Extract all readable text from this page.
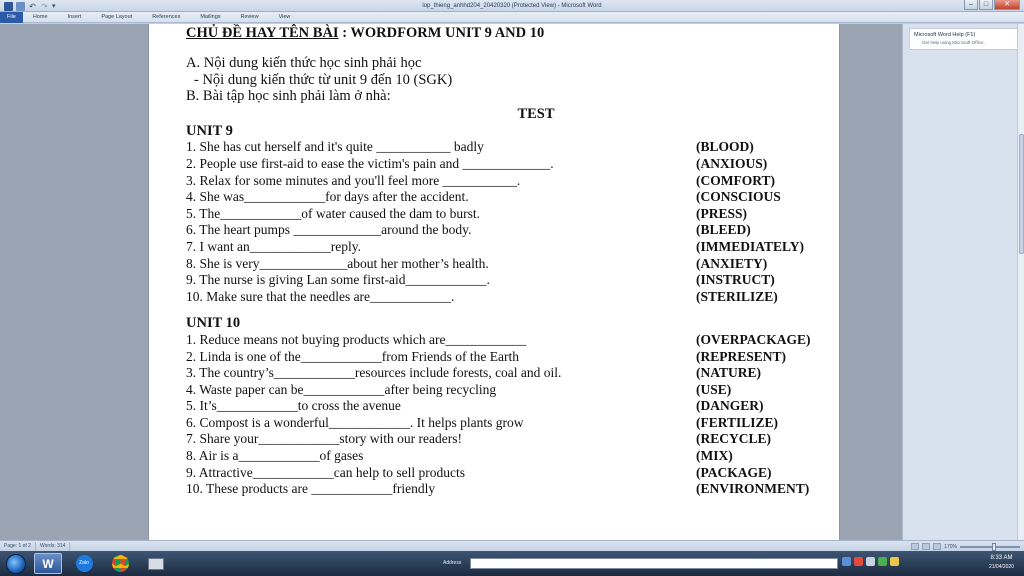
↶ ↷ ▾	lop_thieng_anhhd204_20420320 (Protected View) - Microsoft Word	–	□	✕
File	Home	Insert	Page Layout	References	Mailings	Review	View
CHỦ ĐỀ HAY TÊN BÀI : WORDFORM UNIT 9 AND 10
A. Nội dung kiến thức học sinh phải học
- Nội dung kiến thức từ unit 9 đến 10 (SGK)
B. Bài tập học sinh phải làm ở nhà:
TEST
UNIT 9
1. She has cut herself and it's quite ___________ badly	(BLOOD)
2. People use first-aid to ease the victim's pain and _____________.	(ANXIOUS)
3. Relax for some minutes and you'll feel more ___________.	(COMFORT)
4. She was____________for days after the accident.	(CONSCIOUS
5. The____________of water caused the dam to burst.	(PRESS)
6. The heart pumps _____________around the body.	(BLEED)
7. I want an____________reply.	(IMMEDIATELY)
8. She is very_____________about her mother’s health.	(ANXIETY)
9. The nurse is giving Lan some first-aid____________.	(INSTRUCT)
10. Make sure that the needles are____________.	(STERILIZE)
UNIT 10
1. Reduce means not buying products which are____________	(OVERPACKAGE)
2. Linda is one of the____________from Friends of the Earth	(REPRESENT)
3. The country’s____________resources include forests, coal and oil.	(NATURE)
4. Waste paper can be____________after being recycling	(USE)
5. It’s____________to cross the avenue	(DANGER)
6. Compost is a wonderful____________. It helps plants grow	(FERTILIZE)
7. Share your____________story with our readers!	(RECYCLE)
8. Air is a____________of gases	(MIX)
9. Attractive____________can help to sell products	(PACKAGE)
10. These products are ____________friendly	(ENVIRONMENT)
Microsoft Word Help (F1)
Get help using Microsoft Office.
Page: 1 of 2	Words: 314	170%
W	Zalo	Address
8:33 AM
21/04/2020
